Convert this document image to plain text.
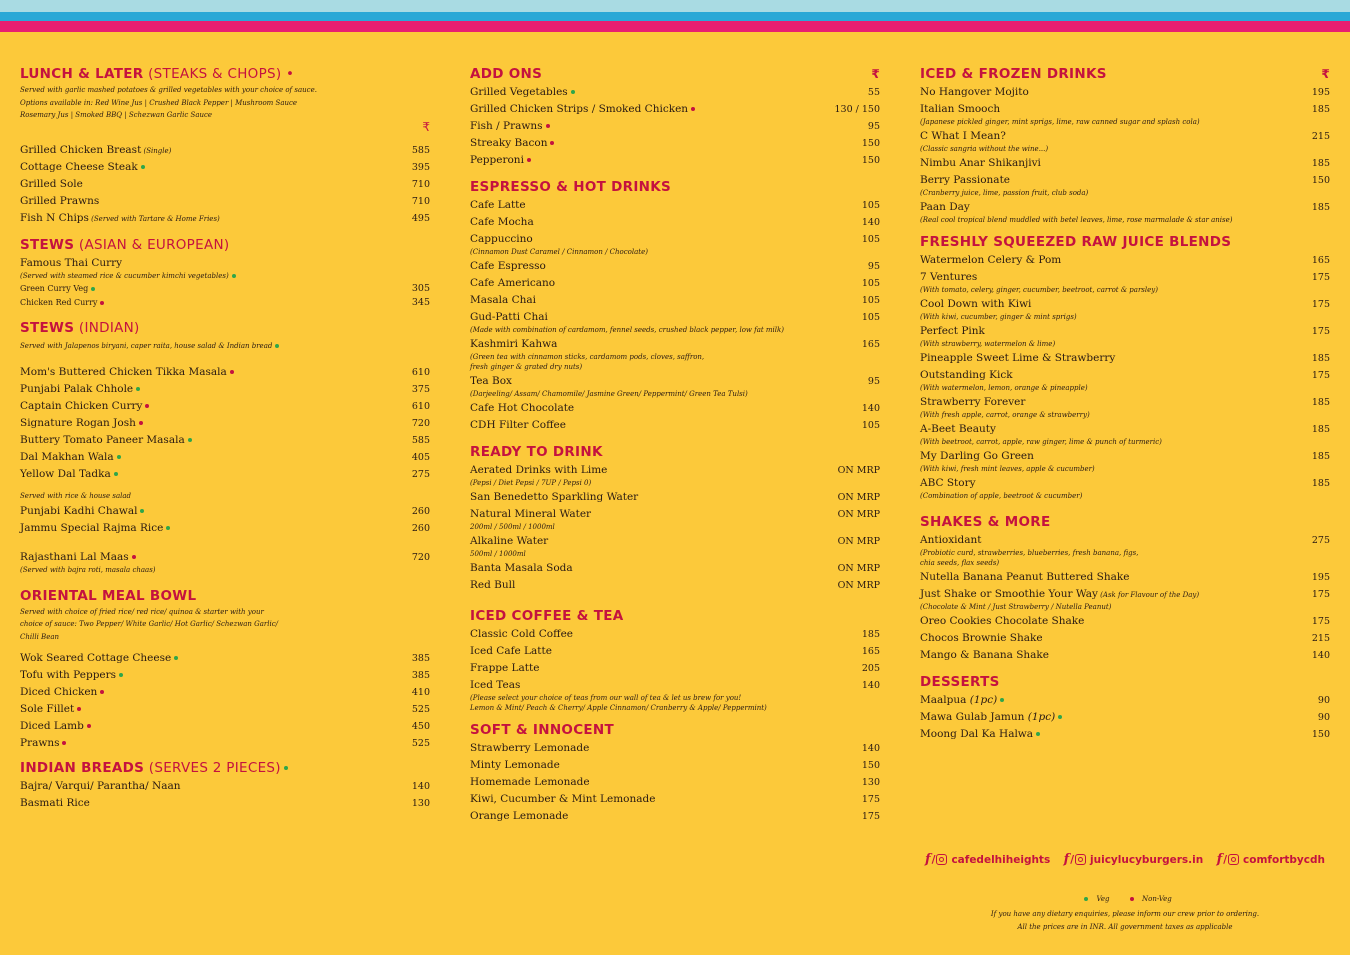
LUNCH & LATER (STEAKS & CHOPS) •
Served with garlic mashed potatoes & grilled vegetables with your choice of sauce.
Options available in: Red Wine Jus | Crushed Black Pepper | Mushroom Sauce
Rosemary Jus | Smoked BBQ | Schezwan Garlic Sauce
₹
Grilled Chicken Breast (Single)	585
Cottage Cheese Steak	395
Grilled Sole	710
Grilled Prawns	710
Fish N Chips (Served with Tartare & Home Fries)	495
STEWS (ASIAN & EUROPEAN)
Famous Thai Curry
(Served with steamed rice & cucumber kimchi vegetables)
Green Curry Veg	305
Chicken Red Curry	345
STEWS (INDIAN)
Served with Jalapenos biryani, caper raita, house salad & Indian bread
Mom's Buttered Chicken Tikka Masala	610
Punjabi Palak Chhole	375
Captain Chicken Curry	610
Signature Rogan Josh	720
Buttery Tomato Paneer Masala	585
Dal Makhan Wala	405
Yellow Dal Tadka	275
Served with rice & house salad
Punjabi Kadhi Chawal	260
Jammu Special Rajma Rice	260
Rajasthani Lal Maas	720
(Served with bajra roti, masala chaas)
ORIENTAL MEAL BOWL
Served with choice of fried rice/ red rice/ quinoa & starter with your
choice of sauce: Two Pepper/ White Garlic/ Hot Garlic/ Schezwan Garlic/
Chilli Bean
Wok Seared Cottage Cheese	385
Tofu with Peppers	385
Diced Chicken	410
Sole Fillet	525
Diced Lamb	450
Prawns	525
INDIAN BREADS (SERVES 2 PIECES)
Bajra/ Varqui/ Parantha/ Naan	140
Basmati Rice	130
ADD ONS	₹
Grilled Vegetables	55
Grilled Chicken Strips / Smoked Chicken	130 / 150
Fish / Prawns	95
Streaky Bacon	150
Pepperoni	150
ESPRESSO & HOT DRINKS
Cafe Latte	105
Cafe Mocha	140
Cappuccino	105
(Cinnamon Dust Caramel / Cinnamon / Chocolate)
Cafe Espresso	95
Cafe Americano	105
Masala Chai	105
Gud-Patti Chai	105
(Made with combination of cardamom, fennel seeds, crushed black pepper, low fat milk)
Kashmiri Kahwa	165
(Green tea with cinnamon sticks, cardamom pods, cloves, saffron,
fresh ginger & grated dry nuts)
Tea Box	95
(Darjeeling/ Assam/ Chamomile/ Jasmine Green/ Peppermint/ Green Tea Tulsi)
Cafe Hot Chocolate	140
CDH Filter Coffee	105
READY TO DRINK
Aerated Drinks with Lime	ON MRP
(Pepsi / Diet Pepsi / 7UP / Pepsi 0)
San Benedetto Sparkling Water	ON MRP
Natural Mineral Water	ON MRP
200ml / 500ml / 1000ml
Alkaline Water	ON MRP
500ml / 1000ml
Banta Masala Soda	ON MRP
Red Bull	ON MRP
ICED COFFEE & TEA
Classic Cold Coffee	185
Iced Cafe Latte	165
Frappe Latte	205
Iced Teas	140
(Please select your choice of teas from our wall of tea & let us brew for you!
Lemon & Mint/ Peach & Cherry/ Apple Cinnamon/ Cranberry & Apple/ Peppermint)
SOFT & INNOCENT
Strawberry Lemonade	140
Minty Lemonade	150
Homemade Lemonade	130
Kiwi, Cucumber & Mint Lemonade	175
Orange Lemonade	175
ICED & FROZEN DRINKS	₹
No Hangover Mojito	195
Italian Smooch	185
(Japanese pickled ginger, mint sprigs, lime, raw canned sugar and splash cola)
C What I Mean?	215
(Classic sangria without the wine...)
Nimbu Anar Shikanjivi	185
Berry Passionate	150
(Cranberry juice, lime, passion fruit, club soda)
Paan Day	185
(Real cool tropical blend muddled with betel leaves, lime, rose marmalade & star anise)
FRESHLY SQUEEZED RAW JUICE BLENDS
Watermelon Celery & Pom	165
7 Ventures	175
(With tomato, celery, ginger, cucumber, beetroot, carrot & parsley)
Cool Down with Kiwi	175
(With kiwi, cucumber, ginger & mint sprigs)
Perfect Pink	175
(With strawberry, watermelon & lime)
Pineapple Sweet Lime & Strawberry	185
Outstanding Kick	175
(With watermelon, lemon, orange & pineapple)
Strawberry Forever	185
(With fresh apple, carrot, orange & strawberry)
A-Beet Beauty	185
(With beetroot, carrot, apple, raw ginger, lime & punch of turmeric)
My Darling Go Green	185
(With kiwi, fresh mint leaves, apple & cucumber)
ABC Story	185
(Combination of apple, beetroot & cucumber)
SHAKES & MORE
Antioxidant	275
(Probiotic curd, strawberries, blueberries, fresh banana, figs,
chia seeds, flax seeds)
Nutella Banana Peanut Buttered Shake	195
Just Shake or Smoothie Your Way (Ask for Flavour of the Day)	175
(Chocolate & Mint / Just Strawberry / Nutella Peanut)
Oreo Cookies Chocolate Shake	175
Chocos Brownie Shake	215
Mango & Banana Shake	140
DESSERTS
Maalpua (1pc)	90
Mawa Gulab Jamun (1pc)	90
Moong Dal Ka Halwa	150
f / cafedelhiheights f / juicylucyburgers.in f / comfortbycdh
Veg	Non-Veg
If you have any dietary enquiries, please inform our crew prior to ordering.
All the prices are in INR. All government taxes as applicable
